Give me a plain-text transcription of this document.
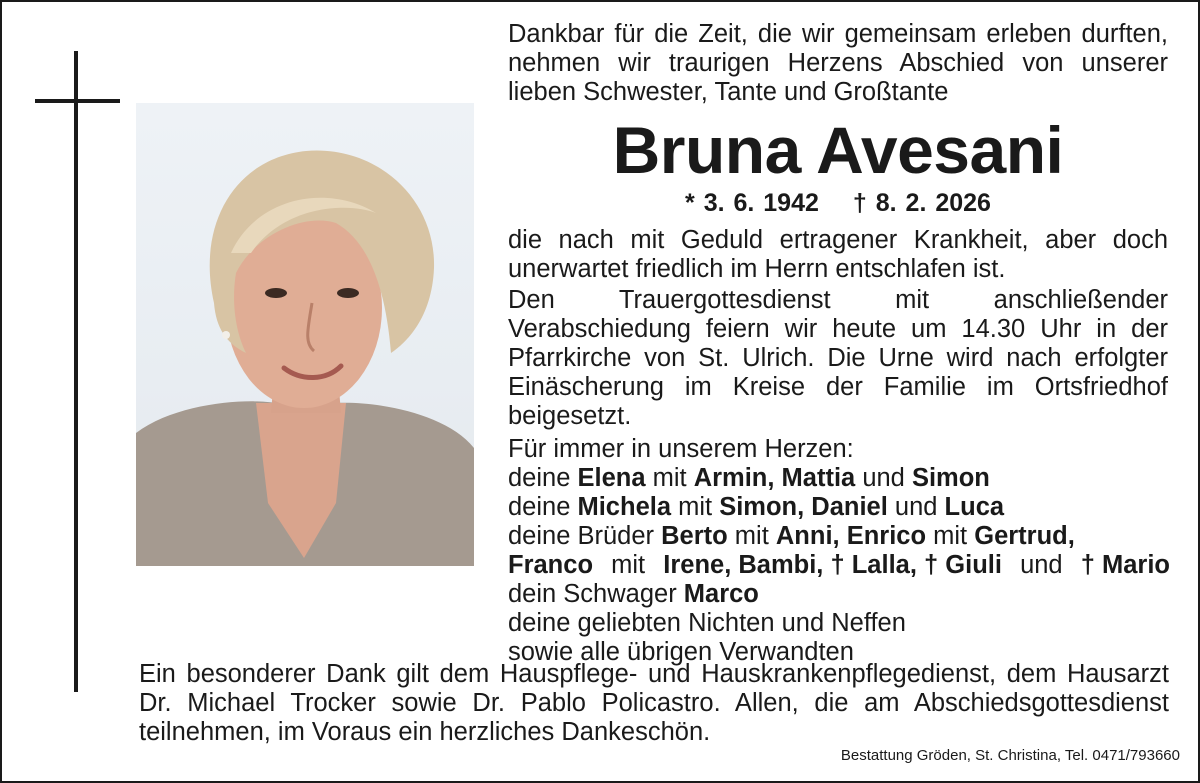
Dankbar für die Zeit, die wir gemeinsam erleben durften, nehmen wir traurigen Herzens Abschied von unserer lieben Schwester, Tante und Großtante
Bruna Avesani
* 3. 6. 1942 † 8. 2. 2026
die nach mit Geduld ertragener Krankheit, aber doch unerwartet friedlich im Herrn entschlafen ist.
Den Trauergottesdienst mit anschließender Verabschiedung feiern wir heute um 14.30 Uhr in der Pfarrkirche von St. Ulrich. Die Urne wird nach erfolgter Einäscherung im Kreise der Familie im Ortsfriedhof beigesetzt.
Für immer in unserem Herzen:
deine Elena mit Armin, Mattia und Simon
deine Michela mit Simon, Daniel und Luca
deine Brüder Berto mit Anni, Enrico mit Gertrud,
Franco mit Irene, Bambi, † Lalla, † Giuli und † Mario
dein Schwager Marco
deine geliebten Nichten und Neffen
sowie alle übrigen Verwandten
Ein besonderer Dank gilt dem Hauspflege- und Hauskrankenpflegedienst, dem Hausarzt Dr. Michael Trocker sowie Dr. Pablo Policastro. Allen, die am Abschiedsgottesdienst teilnehmen, im Voraus ein herzliches Dankeschön.
Bestattung Gröden, St. Christina, Tel. 0471/793660
